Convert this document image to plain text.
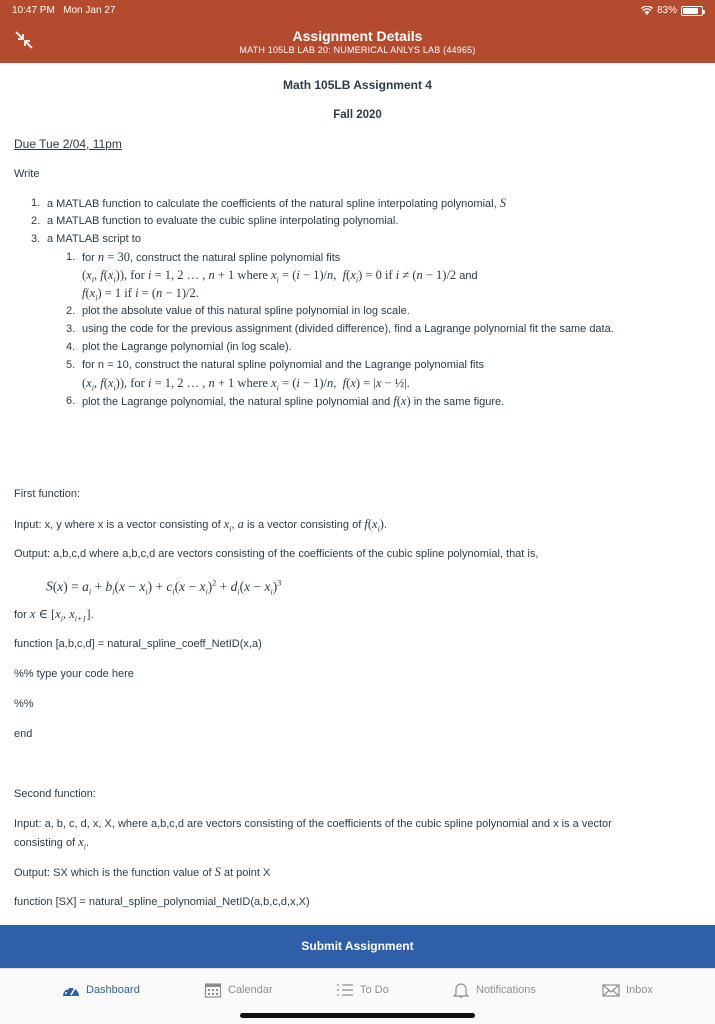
10:47 PM Mon Jan 27	83%
Assignment Details
MATH 105LB LAB 20: NUMERICAL ANLYS LAB (44965)
Math 105LB Assignment 4
Fall 2020
Due Tue 2/04, 11pm
Write
1. a MATLAB function to calculate the coefficients of the natural spline interpolating polynomial, S
2. a MATLAB function to evaluate the cubic spline interpolating polynomial.
3. a MATLAB script to
1. for n = 30, construct the natural spline polynomial fits
($x_i$, $f(x_i)$), for i = 1, 2 … , n + 1 where $x_i = (i - 1)/n$,  $f(x_i) = 0$ if i ≠ (n − 1)/2 and
$f(x_i) = 1$ if i = (n − 1)/2.
2. plot the absolute value of this natural spline polynomial in log scale.
3. using the code for the previous assignment (divided difference), find a Lagrange polynomial fit the same data.
4. plot the Lagrange polynomial (in log scale).
5. for n = 10, construct the natural spline polynomial and the Lagrange polynomial fits
($x_i$, $f(x_i)$), for i = 1, 2 … , n + 1 where $x_i = (i - 1)/n$,  f(x) = |x − ½|.
6. plot the Lagrange polynomial, the natural spline polynomial and f(x) in the same figure.
First function:
Input: x, y where x is a vector consisting of $x_i$, a is a vector consisting of $f(x_i)$.
Output: a,b,c,d where a,b,c,d are vectors consisting of the coefficients of the cubic spline polynomial, that is,
$S(x) = a_i + b_i(x - x_i) + c_i(x - x_i)^2 + d_i(x - x_i)^3$
for x ∈ [$x_i$, $x_{i+1}$].
function [a,b,c,d] = natural_spline_coeff_NetID(x,a)
%% type your code here
%%
end
Second function:
Input: a, b, c, d, x, X, where a,b,c,d are vectors consisting of the coefficients of the cubic spline polynomial and x is a vector
consisting of $x_i$.
Output: SX which is the function value of S at point X
function [SX] = natural_spline_polynomial_NetID(a,b,c,d,x,X)
Submit Assignment
Dashboard	Calendar	To Do	Notifications	Inbox
